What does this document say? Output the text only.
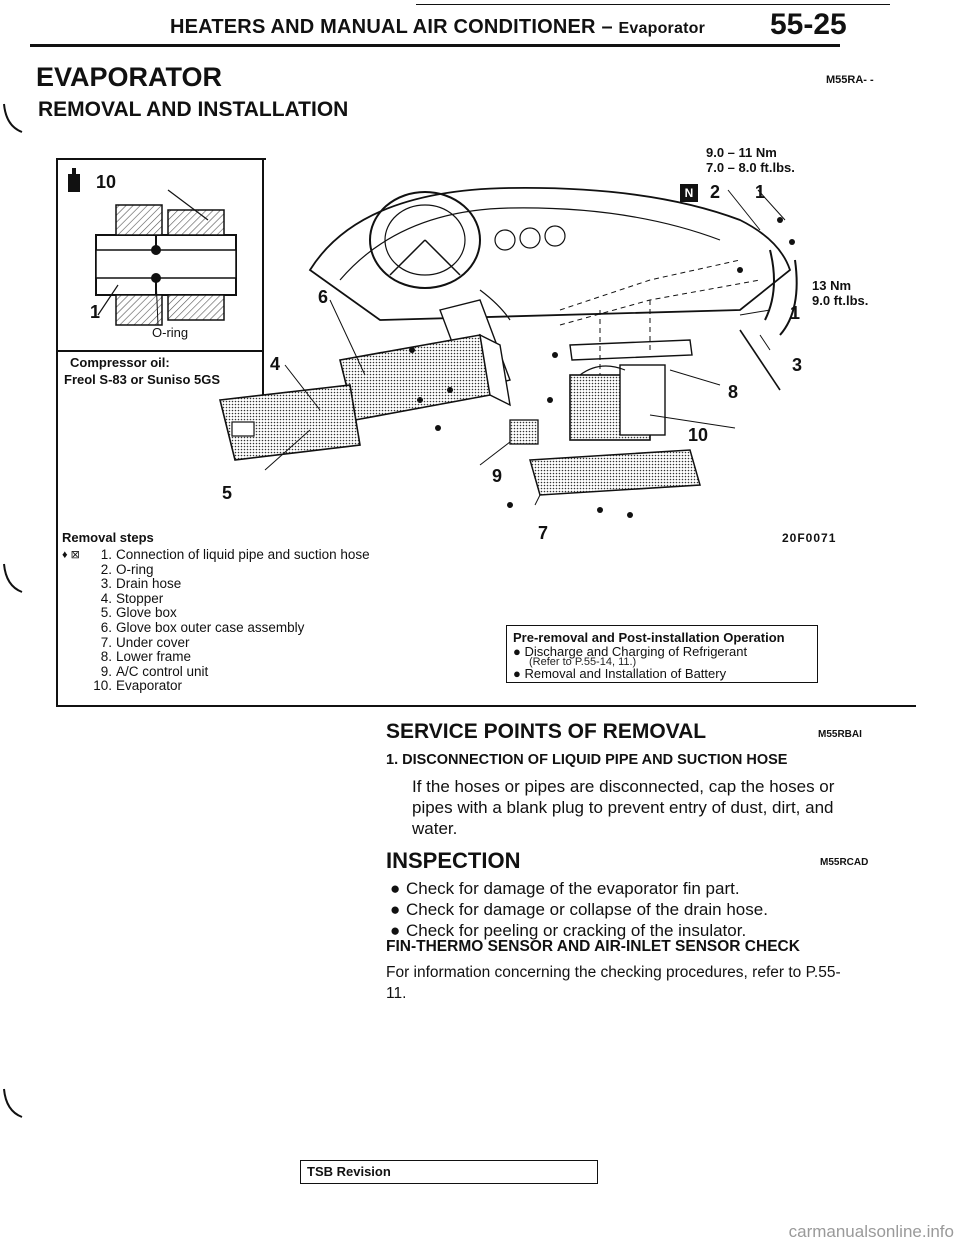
HEATERS AND MANUAL AIR CONDITIONER – Evaporator 55-25
EVAPORATOR	M55RA- -
REMOVAL AND INSTALLATION
10
1
O-ring
Compressor oil:
Freol S-83 or Suniso 5GS
9.0 – 11 Nm
7.0 – 8.0 ft.lbs.
13 Nm
9.0 ft.lbs.
N 2 1
1
6
3
8
4
10
9
5
7	20F0071
Removal steps
♦ ⊠ 1. Connection of liquid pipe and suction hose
2. O-ring
3. Drain hose
4. Stopper
5. Glove box
6. Glove box outer case assembly
7. Under cover
8. Lower frame
9. A/C control unit
10. Evaporator
Pre-removal and Post-installation Operation
● Discharge and Charging of Refrigerant
(Refer to P.55-14, 11.)
● Removal and Installation of Battery
SERVICE POINTS OF REMOVAL	M55RBAI
1. DISCONNECTION OF LIQUID PIPE AND SUCTION HOSE
If the hoses or pipes are disconnected, cap the hoses or pipes with a blank plug to prevent entry of dust, dirt, and water.
INSPECTION	M55RCAD
● Check for damage of the evaporator fin part.
● Check for damage or collapse of the drain hose.
● Check for peeling or cracking of the insulator.
FIN-THERMO SENSOR AND AIR-INLET SENSOR CHECK
For information concerning the checking procedures, refer to P.55-11.
TSB Revision
carmanualsonline.info
